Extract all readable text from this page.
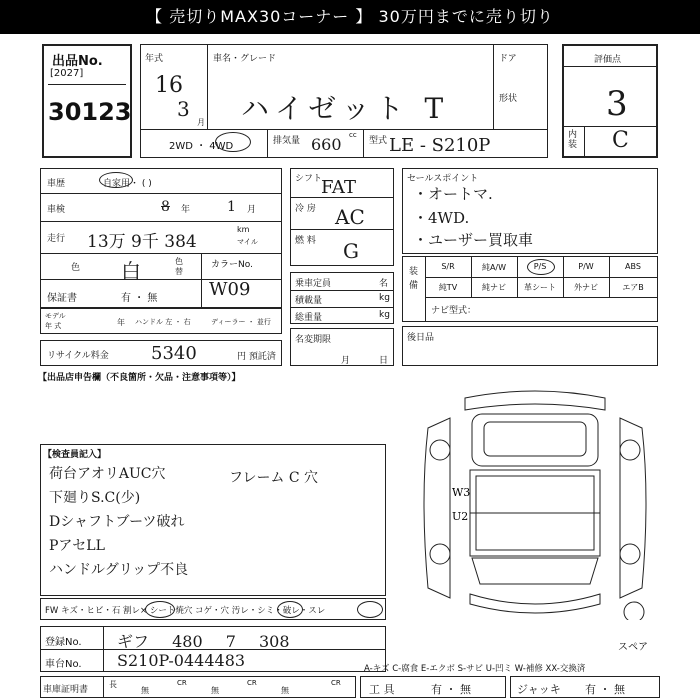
【 売切りMAX30コーナー 】 30万円までに売り切り
出品No.
[2027]
30123
年式
16
3
月
車名・グレード
ハイゼット T
ドア
形状
2WD ・ 4WD	排気量 660 cc
型式 LE - S210P
評価点
3
内装 C
車歴	自家用・ ( )
車検	8 年	1 月
走行 13万 9千 384
km
マイル
色 白	色替
カラーNo.
W09
保証書	有 ・ 無
モデル
年 式	年 ハンドル 左 ・ 右	ディーラー ・ 並行
リサイクル料金 5340	円 預託済
シフト
FAT
冷 房 AC
燃 料 G
乗車定員	名
積載量	kg
総重量	kg
名変期限
月	日
セールスポイント
・オートマ.
・4WD.
・ユーザー買取車
装備
S/R	純A/W	P/S	P/W	ABS
純TV	純ナビ	革シート	外ナビ	エアB
ナビ型式：
後日品
【出品店申告欄（不良箇所・欠品・注意事項等）】
【検査員記入】
荷台アオリAUC穴
下廻りS.C(少)
Dシャフトブーツ破れ
PアセLL
ハンドルグリップ不良
フレーム C 穴
FW キズ・ヒビ・石 割レ× シート焼穴 コゲ・穴 汚レ・シミ・破レ・スレ
登録No. ギフ 480 7 308
車台No. S210P-0444483
車庫証明書
長
無
CR
無
CR
無
CR
W3
U2
スペア
A-キズ C-腐食 E-エクボ S-サビ U-凹ミ W-補修 XX-交換済
工 具	有 ・ 無	ジャッキ 有 ・ 無
